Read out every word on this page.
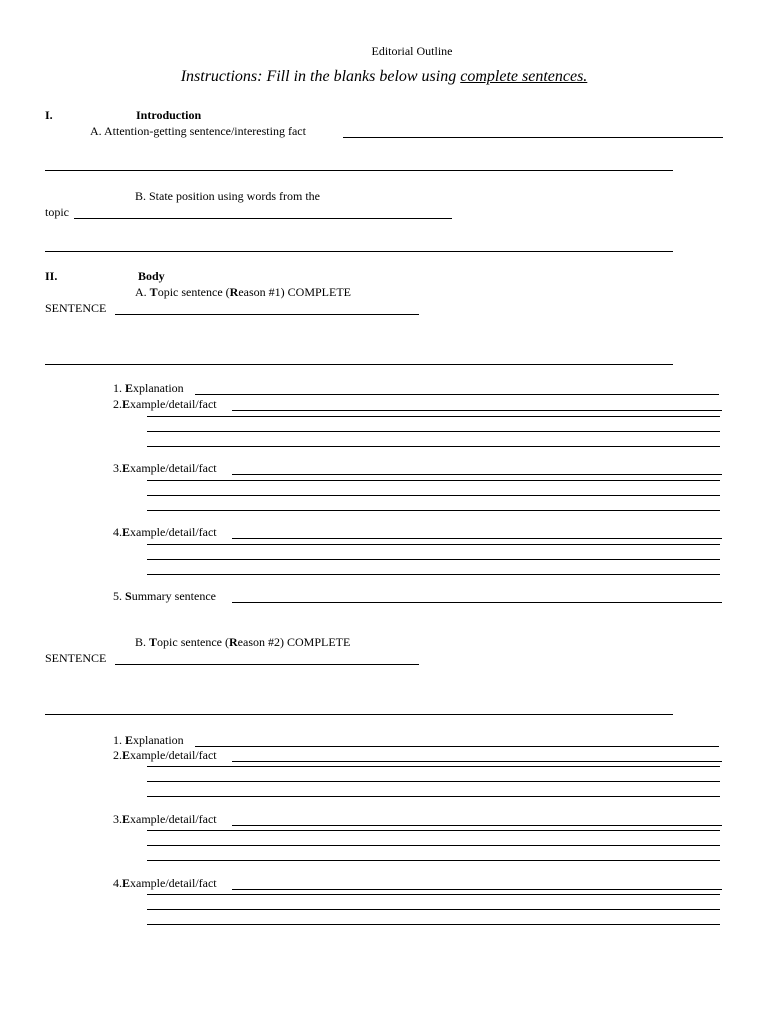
Editorial Outline
Instructions: Fill in the blanks below using complete sentences.
I.	Introduction
A. Attention-getting sentence/interesting fact
B. State position using words from the
topic
II.	Body
A. Topic sentence (Reason #1) COMPLETE
SENTENCE
1. Explanation
2.Example/detail/fact
3.Example/detail/fact
4.Example/detail/fact
5. Summary sentence
B. Topic sentence (Reason #2) COMPLETE
SENTENCE
1. Explanation
2.Example/detail/fact
3.Example/detail/fact
4.Example/detail/fact
